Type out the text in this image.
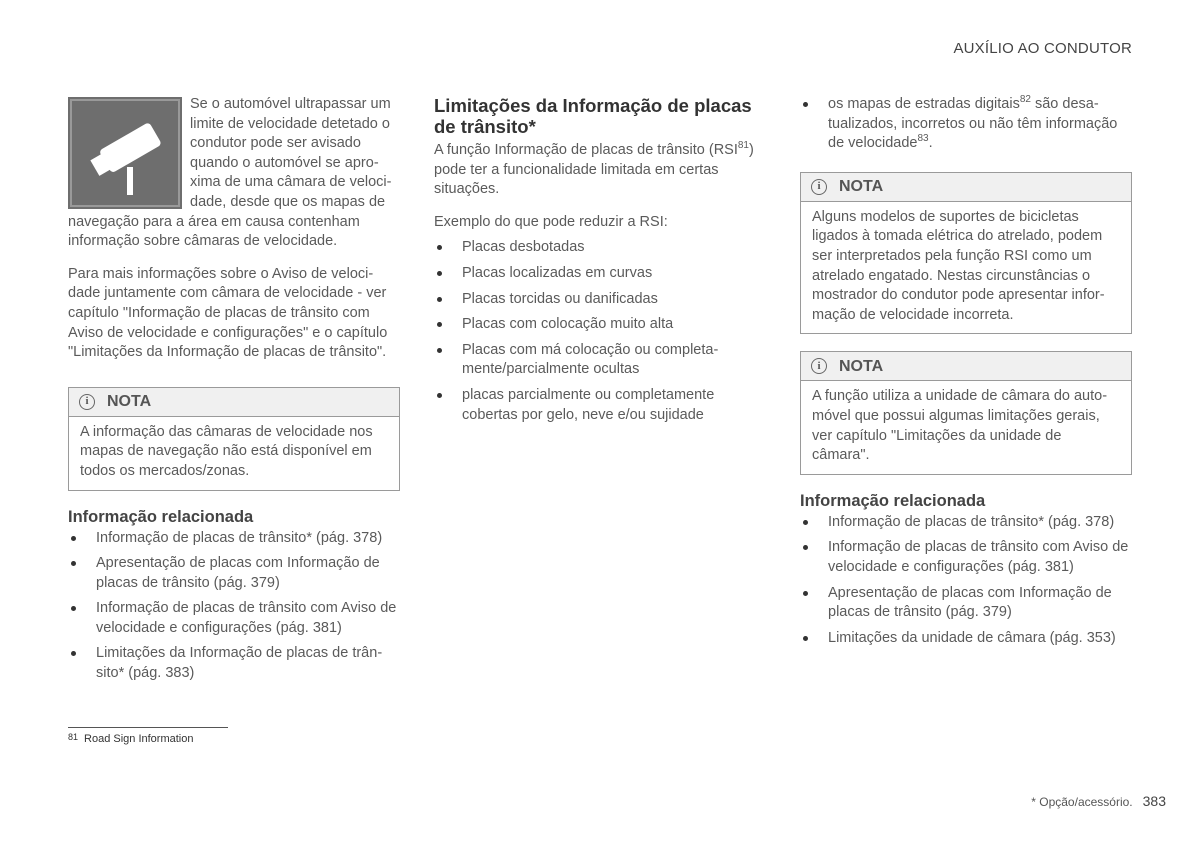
AUXÍLIO AO CONDUTOR

Se o automóvel ultrapassar um limite de velocidade detetado o condutor pode ser avisado quando o automóvel se aproxima de uma câmara de velocidade, desde que os mapas de navegação para a área em causa contenham informação sobre câmaras de velocidade.

Para mais informações sobre o Aviso de velocidade juntamente com câmara de velocidade - ver capítulo "Informação de placas de trânsito com Aviso de velocidade e configurações" e o capítulo "Limitações da Informação de placas de trânsito".

i	NOTA
A informação das câmaras de velocidade nos mapas de navegação não está disponível em todos os mercados/zonas.
Informação relacionada
Informação de placas de trânsito* (pág. 378)
Apresentação de placas com Informação de placas de trânsito (pág. 379)
Informação de placas de trânsito com Aviso de velocidade e configurações (pág. 381)
Limitações da Informação de placas de trânsito* (pág. 383)
Limitações da Informação de placas de trânsito*

A função Informação de placas de trânsito (RSI$^{81}$) pode ter a funcionalidade limitada em certas situações.

Exemplo do que pode reduzir a RSI:

Placas desbotadas
Placas localizadas em curvas
Placas torcidas ou danificadas
Placas com colocação muito alta
Placas com má colocação ou completamente/parcialmente ocultas
placas parcialmente ou completamente cobertas por gelo, neve e/ou sujidade
os mapas de estradas digitais$^{82}$ são desatualizados, incorretos ou não têm informação de velocidade$^{83}$.
i	NOTA
Alguns modelos de suportes de bicicletas ligados à tomada elétrica do atrelado, podem ser interpretados pela função RSI como um atrelado engatado. Nestas circunstâncias o mostrador do condutor pode apresentar informação de velocidade incorreta.
i	NOTA
A função utiliza a unidade de câmara do automóvel que possui algumas limitações gerais, ver capítulo "Limitações da unidade de câmara".
Informação relacionada
Informação de placas de trânsito* (pág. 378)
Informação de placas de trânsito com Aviso de velocidade e configurações (pág. 381)
Apresentação de placas com Informação de placas de trânsito (pág. 379)
Limitações da unidade de câmara (pág. 353)
81 Road Sign Information
* Opção/acessório. 383
